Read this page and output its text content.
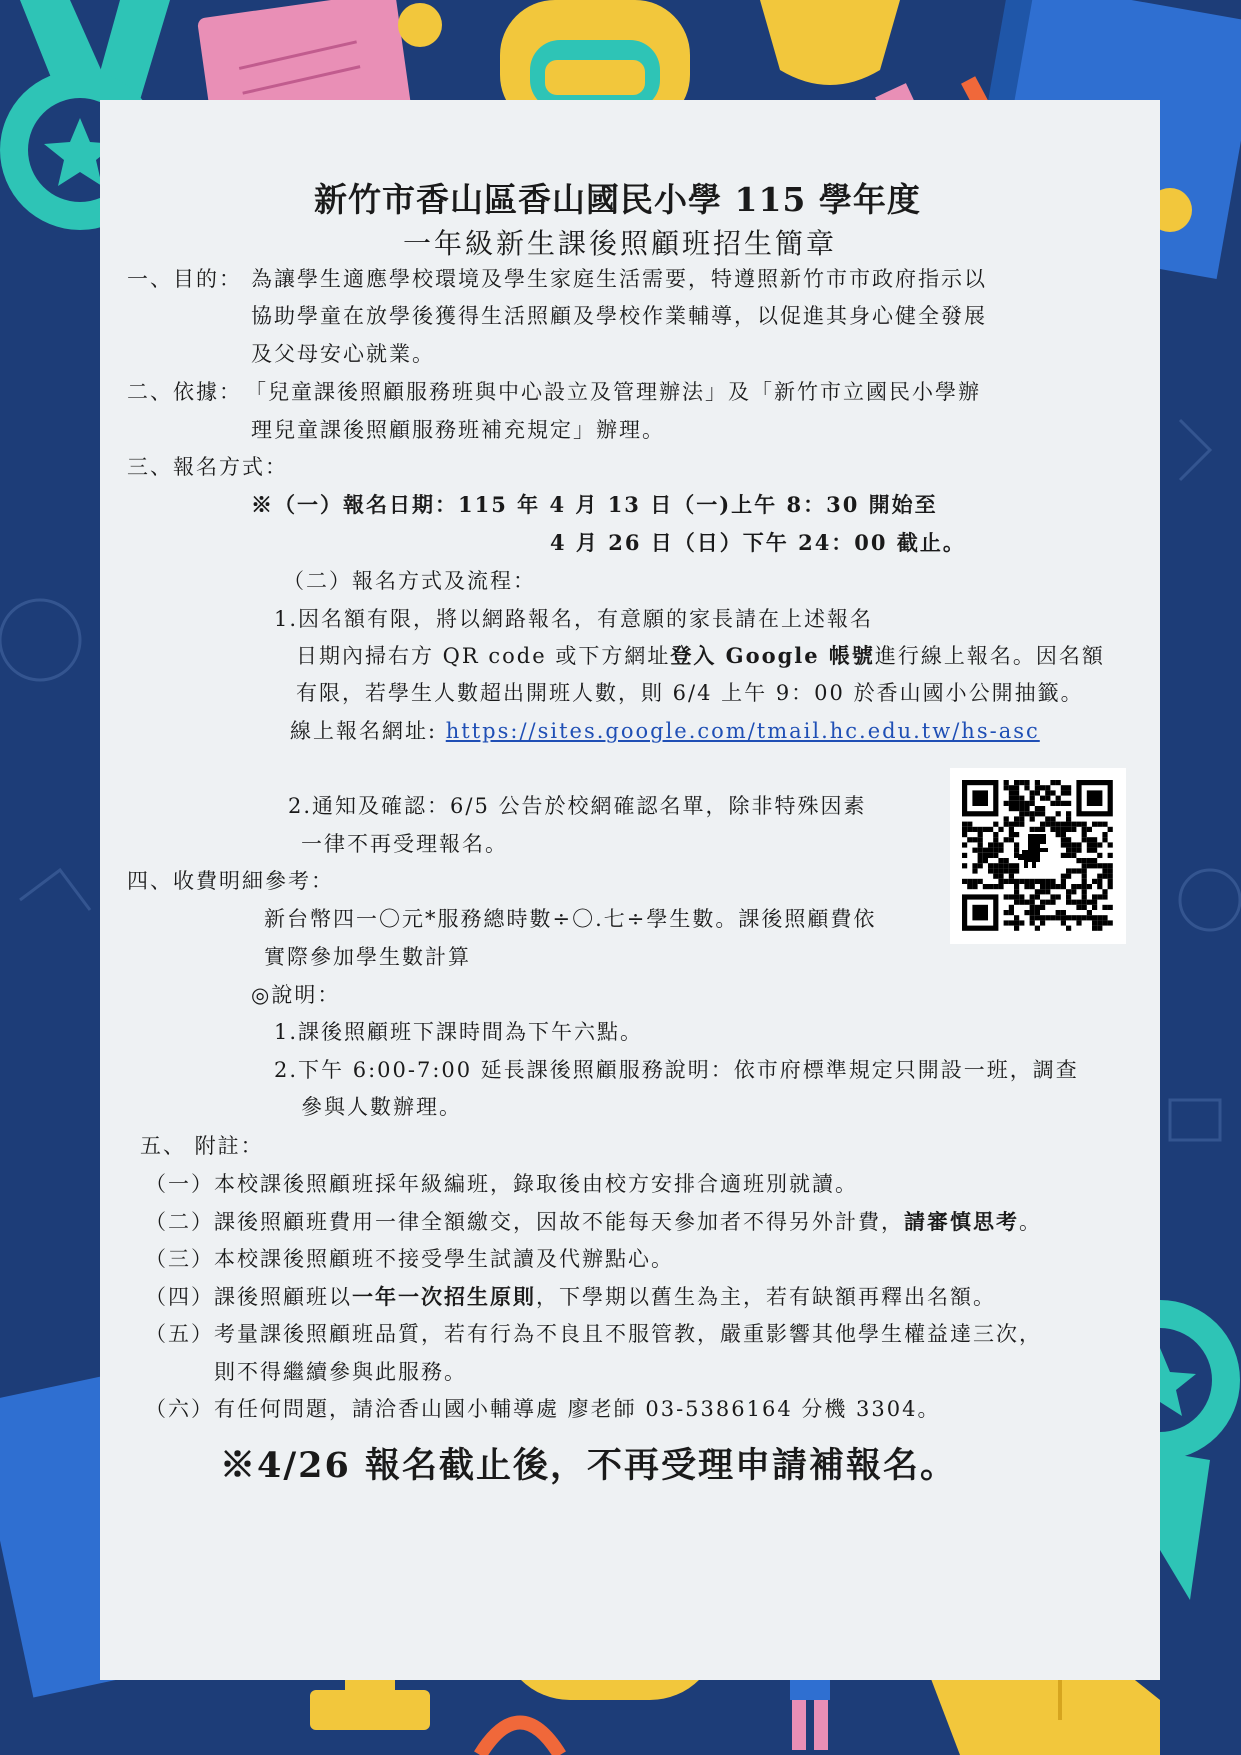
新竹市香山區香山國民小學 115 學年度
一年級新生課後照顧班招生簡章
一、目的： 為讓學生適應學校環境及學生家庭生活需要，特遵照新竹市市政府指示以
協助學童在放學後獲得生活照顧及學校作業輔導，以促進其身心健全發展
及父母安心就業。
二、依據： 「兒童課後照顧服務班與中心設立及管理辦法」及「新竹市立國民小學辦
理兒童課後照顧服務班補充規定」辦理。
三、報名方式：
※（一）報名日期：115 年 4 月 13 日（一)上午 8：30 開始至
4 月 26 日（日）下午 24：00 截止。
（二）報名方式及流程：
1.因名額有限，將以網路報名，有意願的家長請在上述報名
日期內掃右方 QR code 或下方網址登入 Google 帳號進行線上報名。因名額
有限，若學生人數超出開班人數，則 6/4 上午 9：00 於香山國小公開抽籤。
線上報名網址: https://sites.google.com/tmail.hc.edu.tw/hs-asc
2.通知及確認：6/5 公告於校網確認名單，除非特殊因素
一律不再受理報名。
四、收費明細參考：
新台幣四一〇元*服務總時數÷〇.七÷學生數。課後照顧費依
實際參加學生數計算
◎說明：
1.課後照顧班下課時間為下午六點。
2.下午 6:00-7:00 延長課後照顧服務說明：依市府標準規定只開設一班，調查
參與人數辦理。
五、 附註：
（一）本校課後照顧班採年級編班，錄取後由校方安排合適班別就讀。
（二）課後照顧班費用一律全額繳交，因故不能每天參加者不得另外計費，請審慎思考。
（三）本校課後照顧班不接受學生試讀及代辦點心。
（四）課後照顧班以一年一次招生原則，下學期以舊生為主，若有缺額再釋出名額。
（五）考量課後照顧班品質，若有行為不良且不服管教，嚴重影響其他學生權益達三次，
則不得繼續參與此服務。
（六）有任何問題，請洽香山國小輔導處 廖老師 03-5386164 分機 3304。
※4/26 報名截止後，不再受理申請補報名。
